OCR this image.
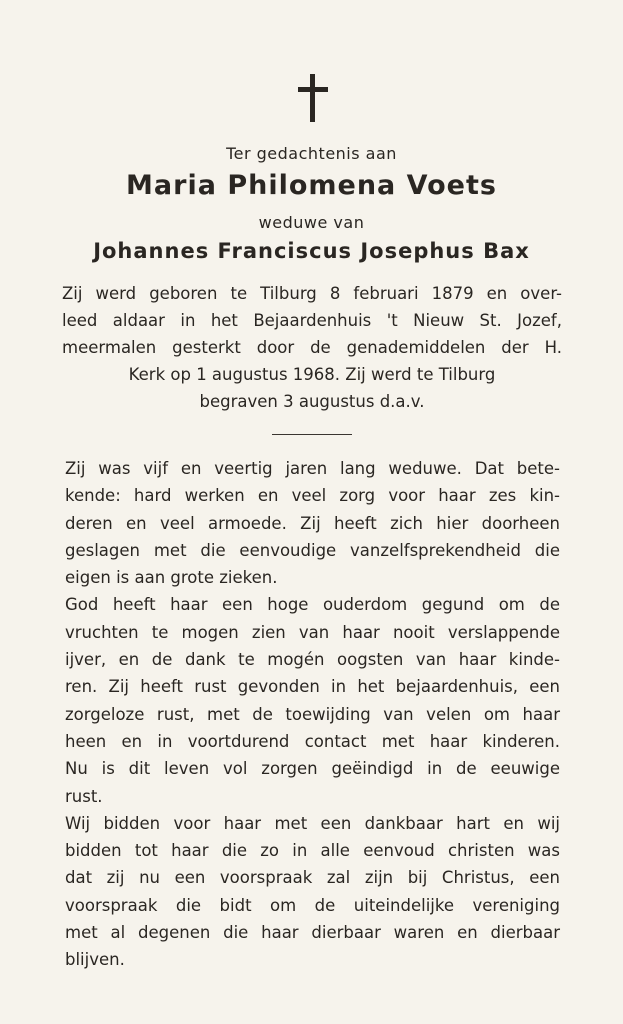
Ter gedachtenis aan
Maria Philomena Voets
weduwe van
Johannes Franciscus Josephus Bax
Zij werd geboren te Tilburg 8 februari 1879 en over-
leed aldaar in het Bejaardenhuis 't Nieuw St. Jozef,
meermalen gesterkt door de genademiddelen der H.
Kerk op 1 augustus 1968. Zij werd te Tilburg
begraven 3 augustus d.a.v.
Zij was vijf en veertig jaren lang weduwe. Dat bete-
kende: hard werken en veel zorg voor haar zes kin-
deren en veel armoede. Zij heeft zich hier doorheen
geslagen met die eenvoudige vanzelfsprekendheid die
eigen is aan grote zieken.
God heeft haar een hoge ouderdom gegund om de
vruchten te mogen zien van haar nooit verslappende
ijver, en de dank te mogén oogsten van haar kinde-
ren. Zij heeft rust gevonden in het bejaardenhuis, een
zorgeloze rust, met de toewijding van velen om haar
heen en in voortdurend contact met haar kinderen.
Nu is dit leven vol zorgen geëindigd in de eeuwige
rust.
Wij bidden voor haar met een dankbaar hart en wij
bidden tot haar die zo in alle eenvoud christen was
dat zij nu een voorspraak zal zijn bij Christus, een
voorspraak die bidt om de uiteindelijke vereniging
met al degenen die haar dierbaar waren en dierbaar
blijven.
